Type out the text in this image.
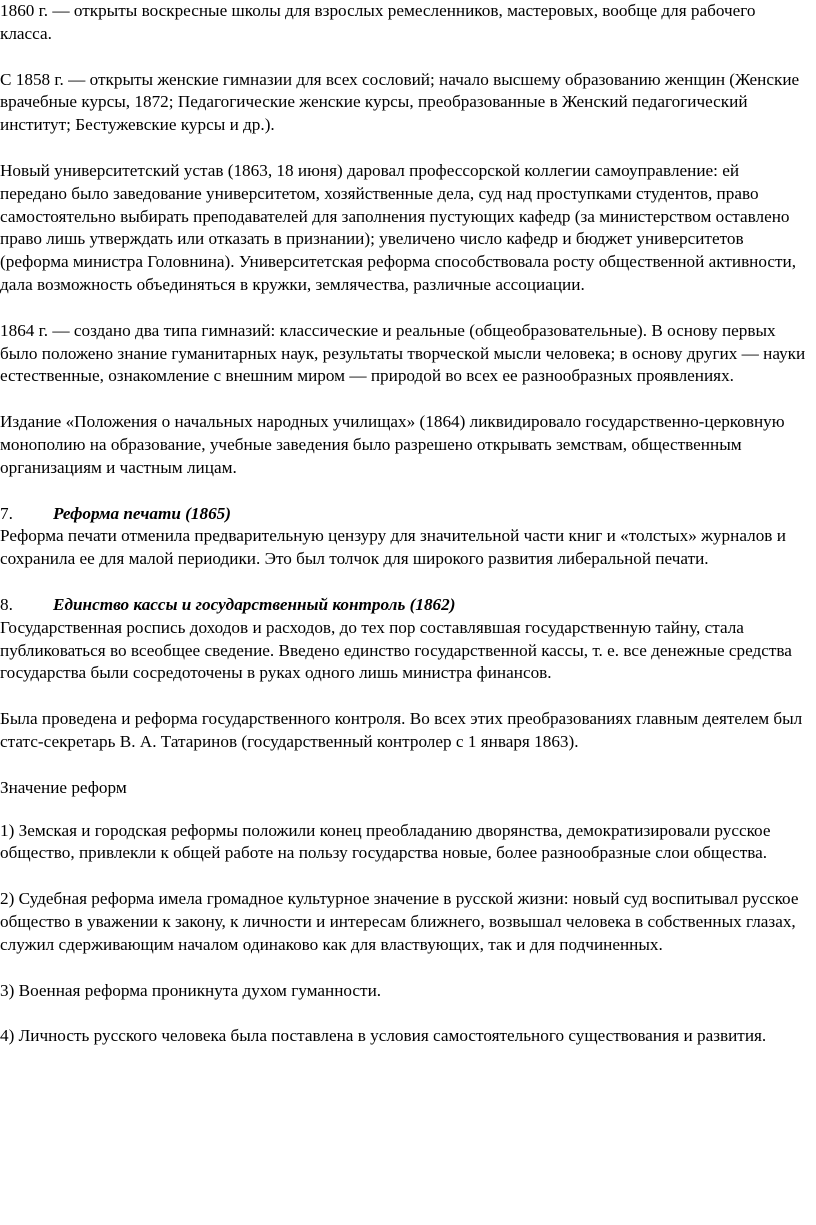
1860 г. — открыты воскресные школы для взрослых ремесленников, мастеровых, вообще для рабочего класса.

С 1858 г. — открыты женские гимназии для всех сословий; начало высшему образованию женщин (Женские врачебные курсы, 1872; Педагогические женские курсы, преобразованные в Женский педагогический институт; Бестужевские курсы и др.).

Новый университетский устав (1863, 18 июня) даровал профессорской коллегии самоуправление: ей передано было заведование университетом, хозяйственные дела, суд над проступками студентов, право самостоятельно выбирать преподавателей для заполнения пустующих кафедр (за министерством оставлено право лишь утверждать или отказать в признании); увеличено число кафедр и бюджет университетов (реформа министра Головнина). Университетская реформа способствовала росту общественной активности, дала возможность объединяться в кружки, землячества, различные ассоциации.

1864 г. — создано два типа гимназий: классические и реальные (общеобразовательные). В основу первых было положено знание гуманитарных наук, результаты творческой мысли человека; в основу других — науки естественные, ознакомление с внешним миром — природой во всех ее разнообразных проявлениях.

Издание «Положения о начальных народных училищах» (1864) ликвидировало государственно-церковную монополию на образование, учебные заведения было разрешено открывать земствам, общественным организациям и частным лицам.

7. Реформа печати (1865)

Реформа печати отменила предварительную цензуру для значительной части книг и «толстых» журналов и сохранила ее для малой периодики. Это был толчок для широкого развития либеральной печати.

8. Единство кассы и государственный контроль (1862)

Государственная роспись доходов и расходов, до тех пор составлявшая государственную тайну, стала публиковаться во всеобщее сведение. Введено единство государственной кассы, т. е. все денежные средства государства были сосредоточены в руках одного лишь министра финансов.

Была проведена и реформа государственного контроля. Во всех этих преобразованиях главным деятелем был статс-секретарь В. А. Татаринов (государственный контролер с 1 января 1863).

Значение реформ

1) Земская и городская реформы положили конец преобладанию дворянства, демократизировали русское общество, привлекли к общей работе на пользу государства новые, более разнообразные слои общества.

2) Судебная реформа имела громадное культурное значение в русской жизни: новый суд воспитывал русское общество в уважении к закону, к личности и интересам ближнего, возвышал человека в собственных глазах, служил сдерживающим началом одинаково как для властвующих, так и для подчиненных.

3) Военная реформа проникнута духом гуманности.

4) Личность русского человека была поставлена в условия самостоятельного существования и развития.
